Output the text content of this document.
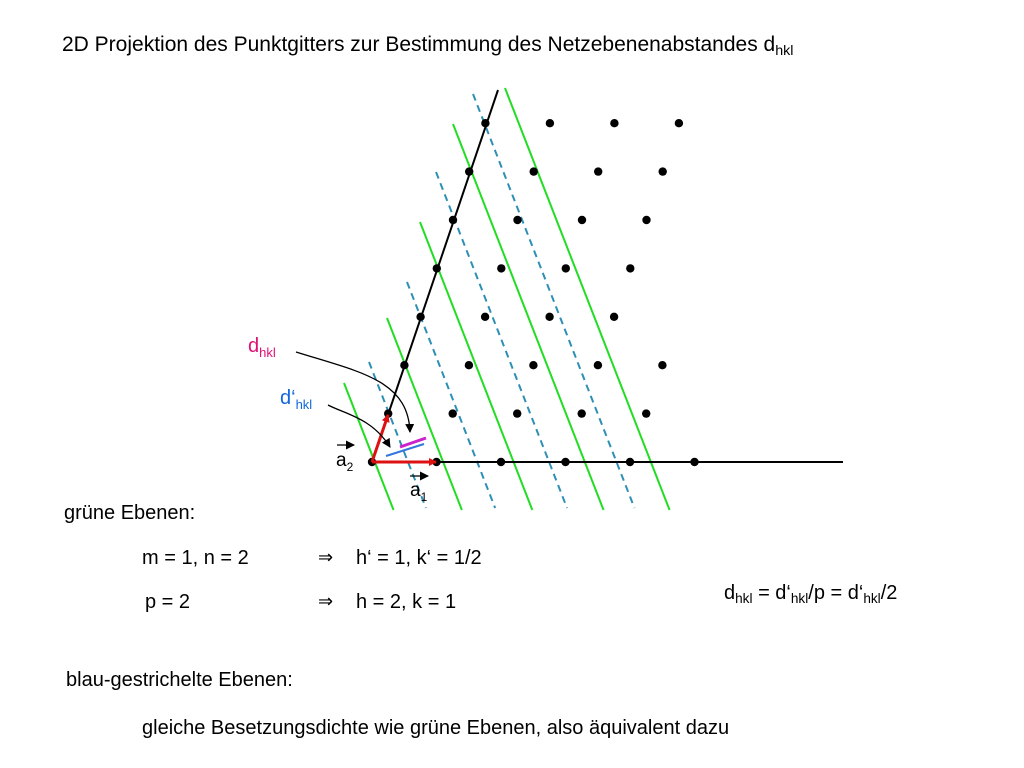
2D Projektion des Punktgitters zur Bestimmung des Netzebenenabstandes $d_{hkl}$
$d_{hkl}$
$d‘_{hkl}$
$a_2$
$a_1$
grüne Ebenen:
m = 1, n = 2	⇒ h‘ = 1, k‘ = 1/2
p = 2	⇒ h = 2, k = 1	$d_{hkl}$ = $d‘_{hkl}/p$ = $d‘_{hkl}/2$
blau-gestrichelte Ebenen:
gleiche Besetzungsdichte wie grüne Ebenen, also äquivalent dazu
